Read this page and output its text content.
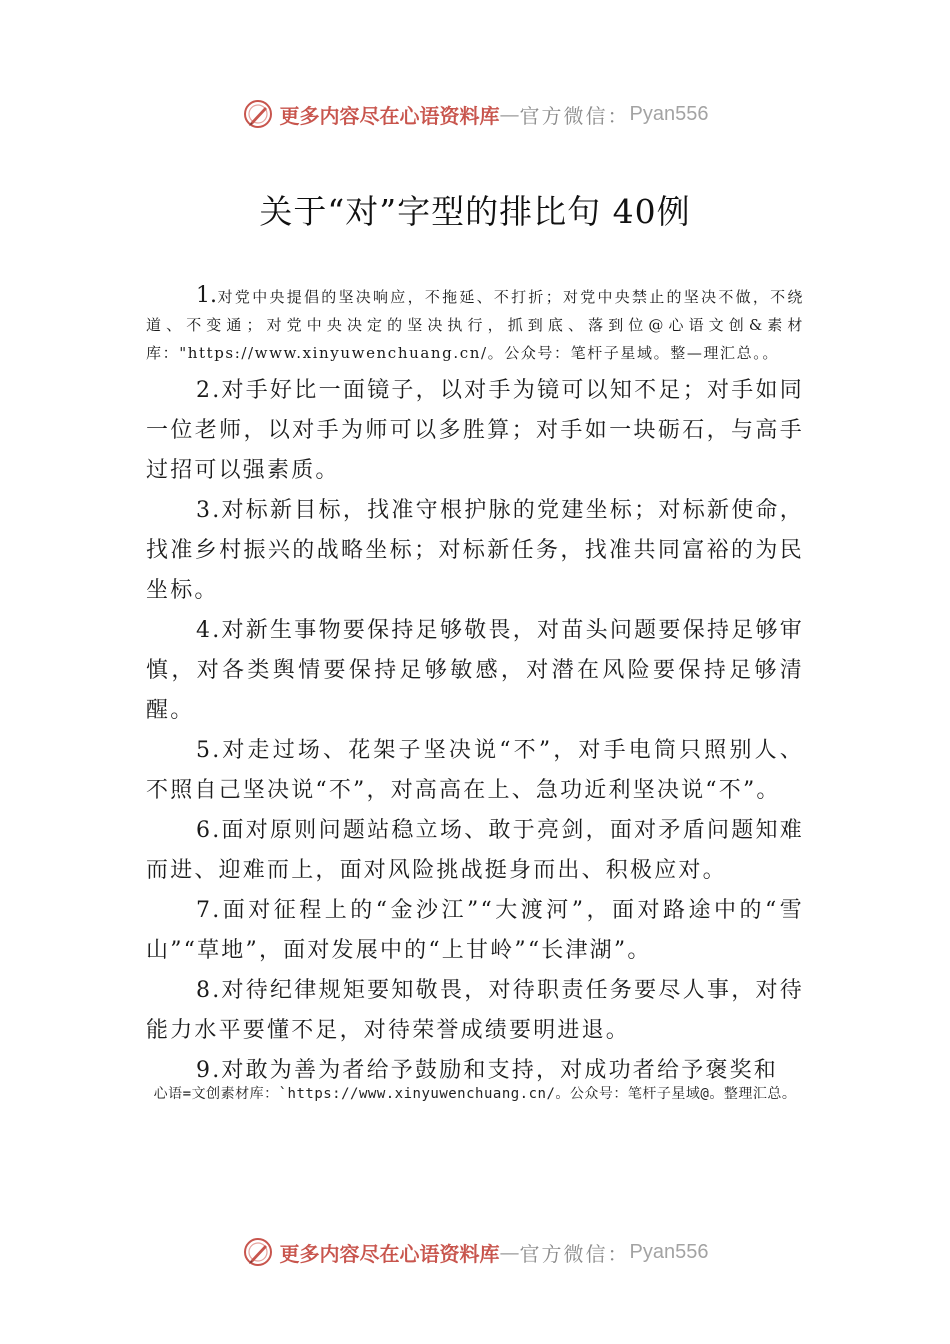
更多内容尽在心语资料库 — 官方微信： Pyan556
关于“对”字型的排比句 40例

1.对党中央提倡的坚决响应，不拖延、不打折；对党中央禁止的坚决不做，不绕道、不变通；对党中央决定的坚决执行，抓到底、落到位@心语文创&素材库："https://www.xinyuwenchuang.cn/。公众号：笔杆子星域。整—理汇总。。

2.对手好比一面镜子，以对手为镜可以知不足；对手如同一位老师，以对手为师可以多胜算；对手如一块砺石，与高手过招可以强素质。

3.对标新目标，找准守根护脉的党建坐标；对标新使命，找准乡村振兴的战略坐标；对标新任务，找准共同富裕的为民坐标。

4.对新生事物要保持足够敬畏，对苗头问题要保持足够审慎，对各类舆情要保持足够敏感，对潜在风险要保持足够清醒。

5.对走过场、花架子坚决说“不”，对手电筒只照别人、不照自己坚决说“不”，对高高在上、急功近利坚决说“不”。

6.面对原则问题站稳立场、敢于亮剑，面对矛盾问题知难而进、迎难而上，面对风险挑战挺身而出、积极应对。

7.面对征程上的“金沙江”“大渡河”，面对路途中的“雪山”“草地”，面对发展中的“上甘岭”“长津湖”。

8.对待纪律规矩要知敬畏，对待职责任务要尽人事，对待能力水平要懂不足，对待荣誉成绩要明进退。

9.对敢为善为者给予鼓励和支持，对成功者给予褒奖和

心语=文创素材库：`https://www.xinyuwenchuang.cn/。公众号：笔杆子星域@。整理汇总。
更多内容尽在心语资料库 — 官方微信： Pyan556
